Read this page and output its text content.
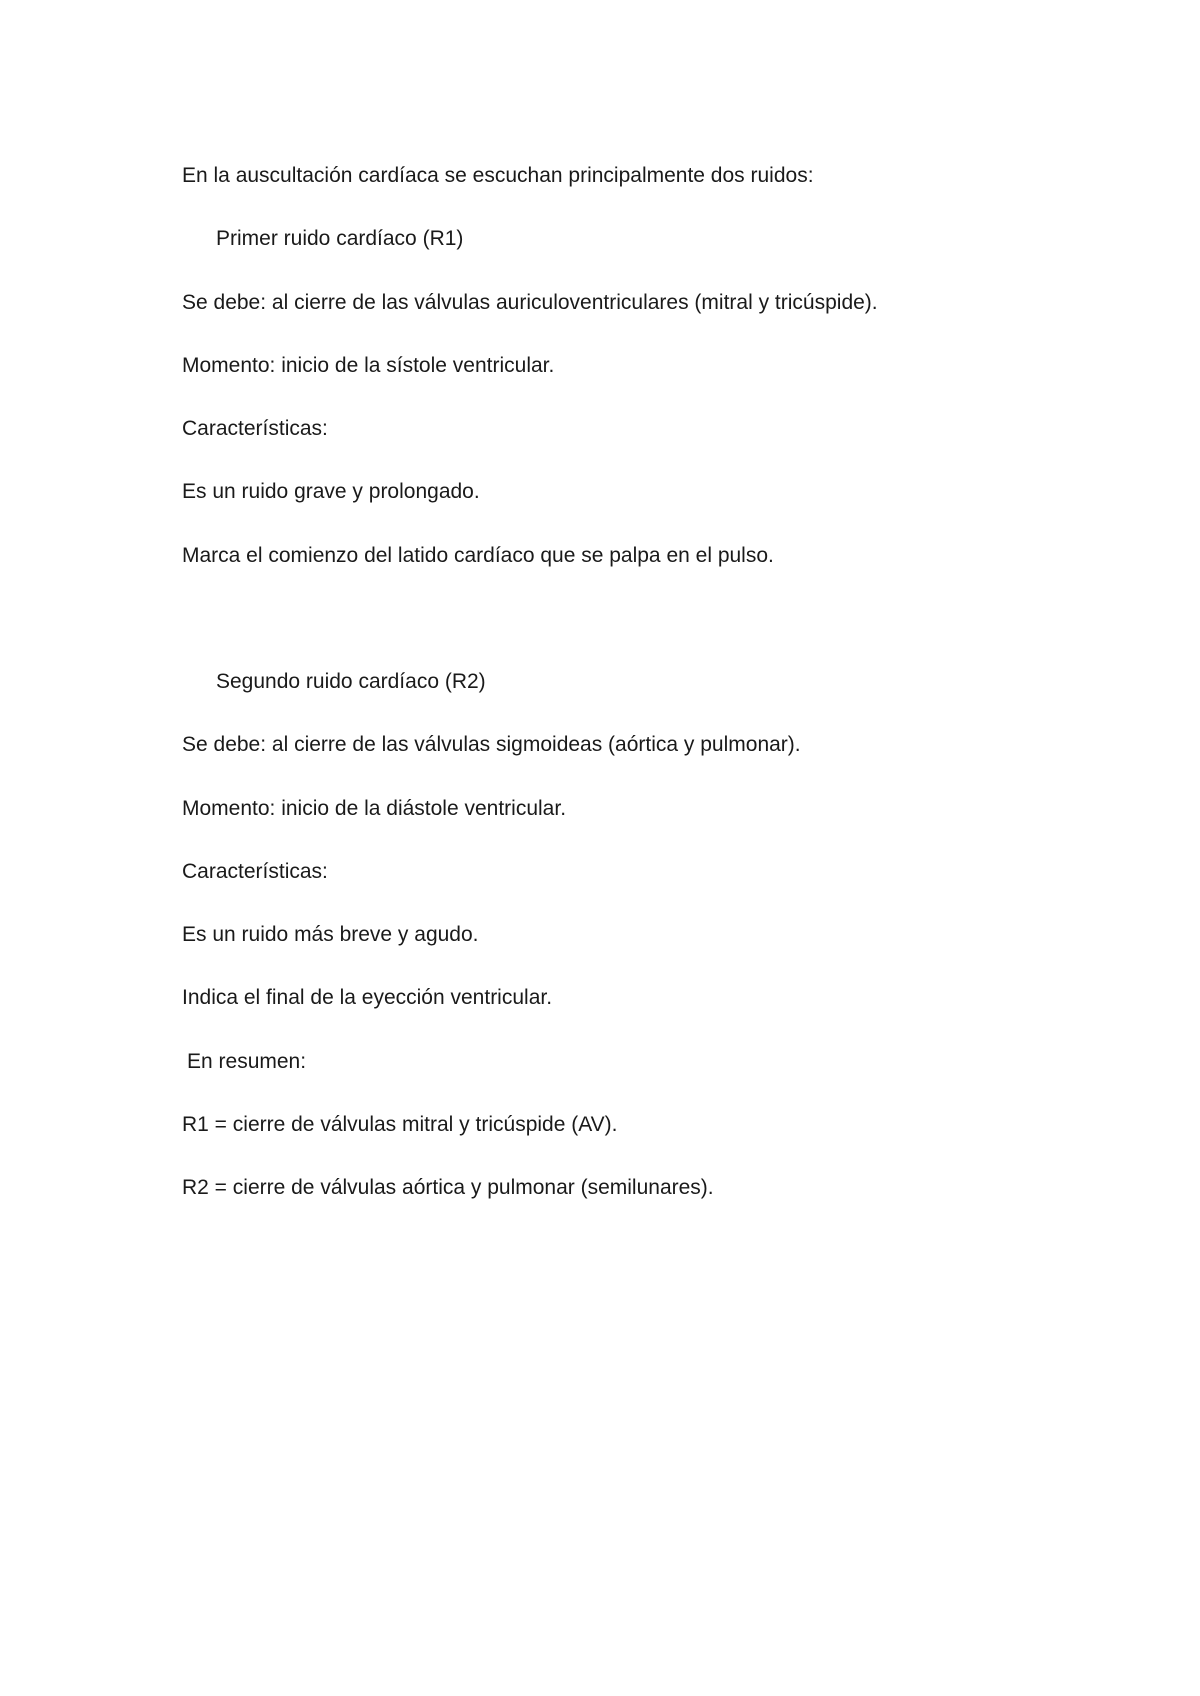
En la auscultación cardíaca se escuchan principalmente dos ruidos:

Primer ruido cardíaco (R1)

Se debe: al cierre de las válvulas auriculoventriculares (mitral y tricúspide).

Momento: inicio de la sístole ventricular.

Características:

Es un ruido grave y prolongado.

Marca el comienzo del latido cardíaco que se palpa en el pulso.

Segundo ruido cardíaco (R2)

Se debe: al cierre de las válvulas sigmoideas (aórtica y pulmonar).

Momento: inicio de la diástole ventricular.

Características:

Es un ruido más breve y agudo.

Indica el final de la eyección ventricular.

En resumen:

R1 = cierre de válvulas mitral y tricúspide (AV).

R2 = cierre de válvulas aórtica y pulmonar (semilunares).
